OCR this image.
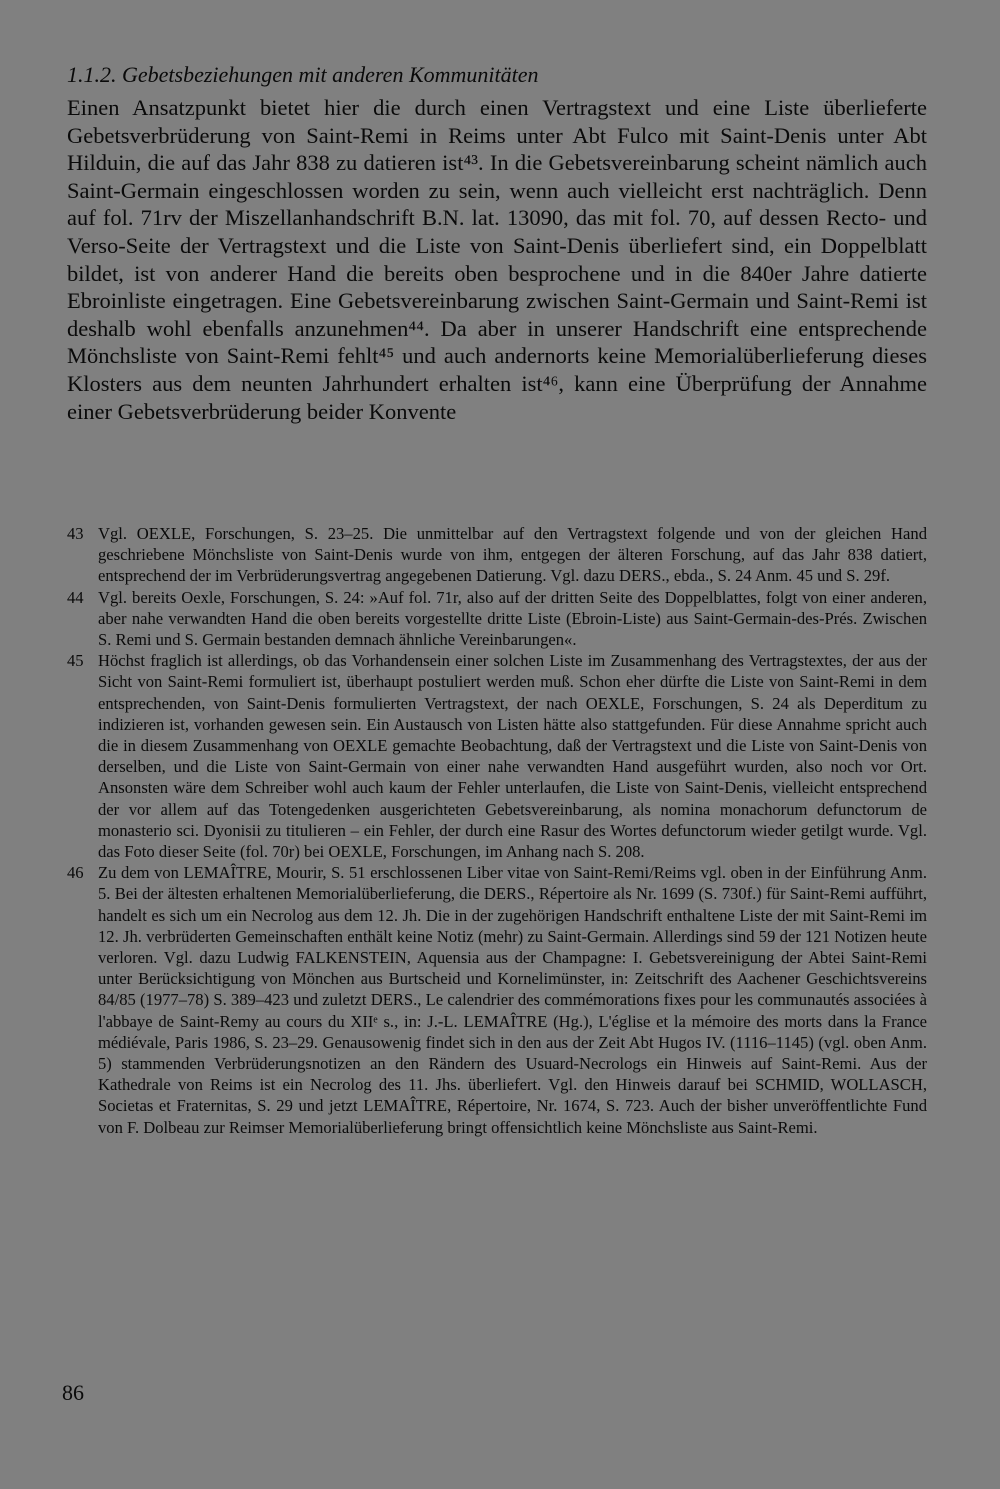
1.1.2. Gebetsbeziehungen mit anderen Kommunitäten

Einen Ansatzpunkt bietet hier die durch einen Vertragstext und eine Liste überlieferte Gebetsverbrüderung von Saint-Remi in Reims unter Abt Fulco mit Saint-Denis unter Abt Hilduin, die auf das Jahr 838 zu datieren ist⁴³. In die Gebetsvereinbarung scheint nämlich auch Saint-Germain eingeschlossen worden zu sein, wenn auch vielleicht erst nachträglich. Denn auf fol. 71rv der Miszellanhandschrift B.N. lat. 13090, das mit fol. 70, auf dessen Recto- und Verso-Seite der Vertragstext und die Liste von Saint-Denis überliefert sind, ein Doppelblatt bildet, ist von anderer Hand die bereits oben besprochene und in die 840er Jahre datierte Ebroinliste eingetragen. Eine Gebetsvereinbarung zwischen Saint-Germain und Saint-Remi ist deshalb wohl ebenfalls anzunehmen⁴⁴. Da aber in unserer Handschrift eine entsprechende Mönchsliste von Saint-Remi fehlt⁴⁵ und auch andernorts keine Memorialüberlieferung dieses Klosters aus dem neunten Jahrhundert erhalten ist⁴⁶, kann eine Überprüfung der Annahme einer Gebetsverbrüderung beider Konvente

43 Vgl. OEXLE, Forschungen, S. 23–25. Die unmittelbar auf den Vertragstext folgende und von der gleichen Hand geschriebene Mönchsliste von Saint-Denis wurde von ihm, entgegen der älteren Forschung, auf das Jahr 838 datiert, entsprechend der im Verbrüderungsvertrag angegebenen Datierung. Vgl. dazu DERS., ebda., S. 24 Anm. 45 und S. 29f.
44 Vgl. bereits Oexle, Forschungen, S. 24: »Auf fol. 71r, also auf der dritten Seite des Doppelblattes, folgt von einer anderen, aber nahe verwandten Hand die oben bereits vorgestellte dritte Liste (Ebroin-Liste) aus Saint-Germain-des-Prés. Zwischen S. Remi und S. Germain bestanden demnach ähnliche Vereinbarungen«.
45 Höchst fraglich ist allerdings, ob das Vorhandensein einer solchen Liste im Zusammenhang des Vertragstextes, der aus der Sicht von Saint-Remi formuliert ist, überhaupt postuliert werden muß. Schon eher dürfte die Liste von Saint-Remi in dem entsprechenden, von Saint-Denis formulierten Vertragstext, der nach OEXLE, Forschungen, S. 24 als Deperditum zu indizieren ist, vorhanden gewesen sein. Ein Austausch von Listen hätte also stattgefunden. Für diese Annahme spricht auch die in diesem Zusammenhang von OEXLE gemachte Beobachtung, daß der Vertragstext und die Liste von Saint-Denis von derselben, und die Liste von Saint-Germain von einer nahe verwandten Hand ausgeführt wurden, also noch vor Ort. Ansonsten wäre dem Schreiber wohl auch kaum der Fehler unterlaufen, die Liste von Saint-Denis, vielleicht entsprechend der vor allem auf das Totengedenken ausgerichteten Gebetsvereinbarung, als nomina monachorum defunctorum de monasterio sci. Dyonisii zu titulieren – ein Fehler, der durch eine Rasur des Wortes defunctorum wieder getilgt wurde. Vgl. das Foto dieser Seite (fol. 70r) bei OEXLE, Forschungen, im Anhang nach S. 208.
46 Zu dem von LEMAÎTRE, Mourir, S. 51 erschlossenen Liber vitae von Saint-Remi/Reims vgl. oben in der Einführung Anm. 5. Bei der ältesten erhaltenen Memorialüberlieferung, die DERS., Répertoire als Nr. 1699 (S. 730f.) für Saint-Remi aufführt, handelt es sich um ein Necrolog aus dem 12. Jh. Die in der zugehörigen Handschrift enthaltene Liste der mit Saint-Remi im 12. Jh. verbrüderten Gemeinschaften enthält keine Notiz (mehr) zu Saint-Germain. Allerdings sind 59 der 121 Notizen heute verloren. Vgl. dazu Ludwig FALKENSTEIN, Aquensia aus der Champagne: I. Gebetsvereinigung der Abtei Saint-Remi unter Berücksichtigung von Mönchen aus Burtscheid und Kornelimünster, in: Zeitschrift des Aachener Geschichtsvereins 84/85 (1977–78) S. 389–423 und zuletzt DERS., Le calendrier des commémorations fixes pour les communautés associées à l'abbaye de Saint-Remy au cours du XIIᵉ s., in: J.-L. LEMAÎTRE (Hg.), L'église et la mémoire des morts dans la France médiévale, Paris 1986, S. 23–29. Genausowenig findet sich in den aus der Zeit Abt Hugos IV. (1116–1145) (vgl. oben Anm. 5) stammenden Verbrüderungsnotizen an den Rändern des Usuard-Necrologs ein Hinweis auf Saint-Remi. Aus der Kathedrale von Reims ist ein Necrolog des 11. Jhs. überliefert. Vgl. den Hinweis darauf bei SCHMID, WOLLASCH, Societas et Fraternitas, S. 29 und jetzt LEMAÎTRE, Répertoire, Nr. 1674, S. 723. Auch der bisher unveröffentlichte Fund von F. Dolbeau zur Reimser Memorialüberlieferung bringt offensichtlich keine Mönchsliste aus Saint-Remi.

86
